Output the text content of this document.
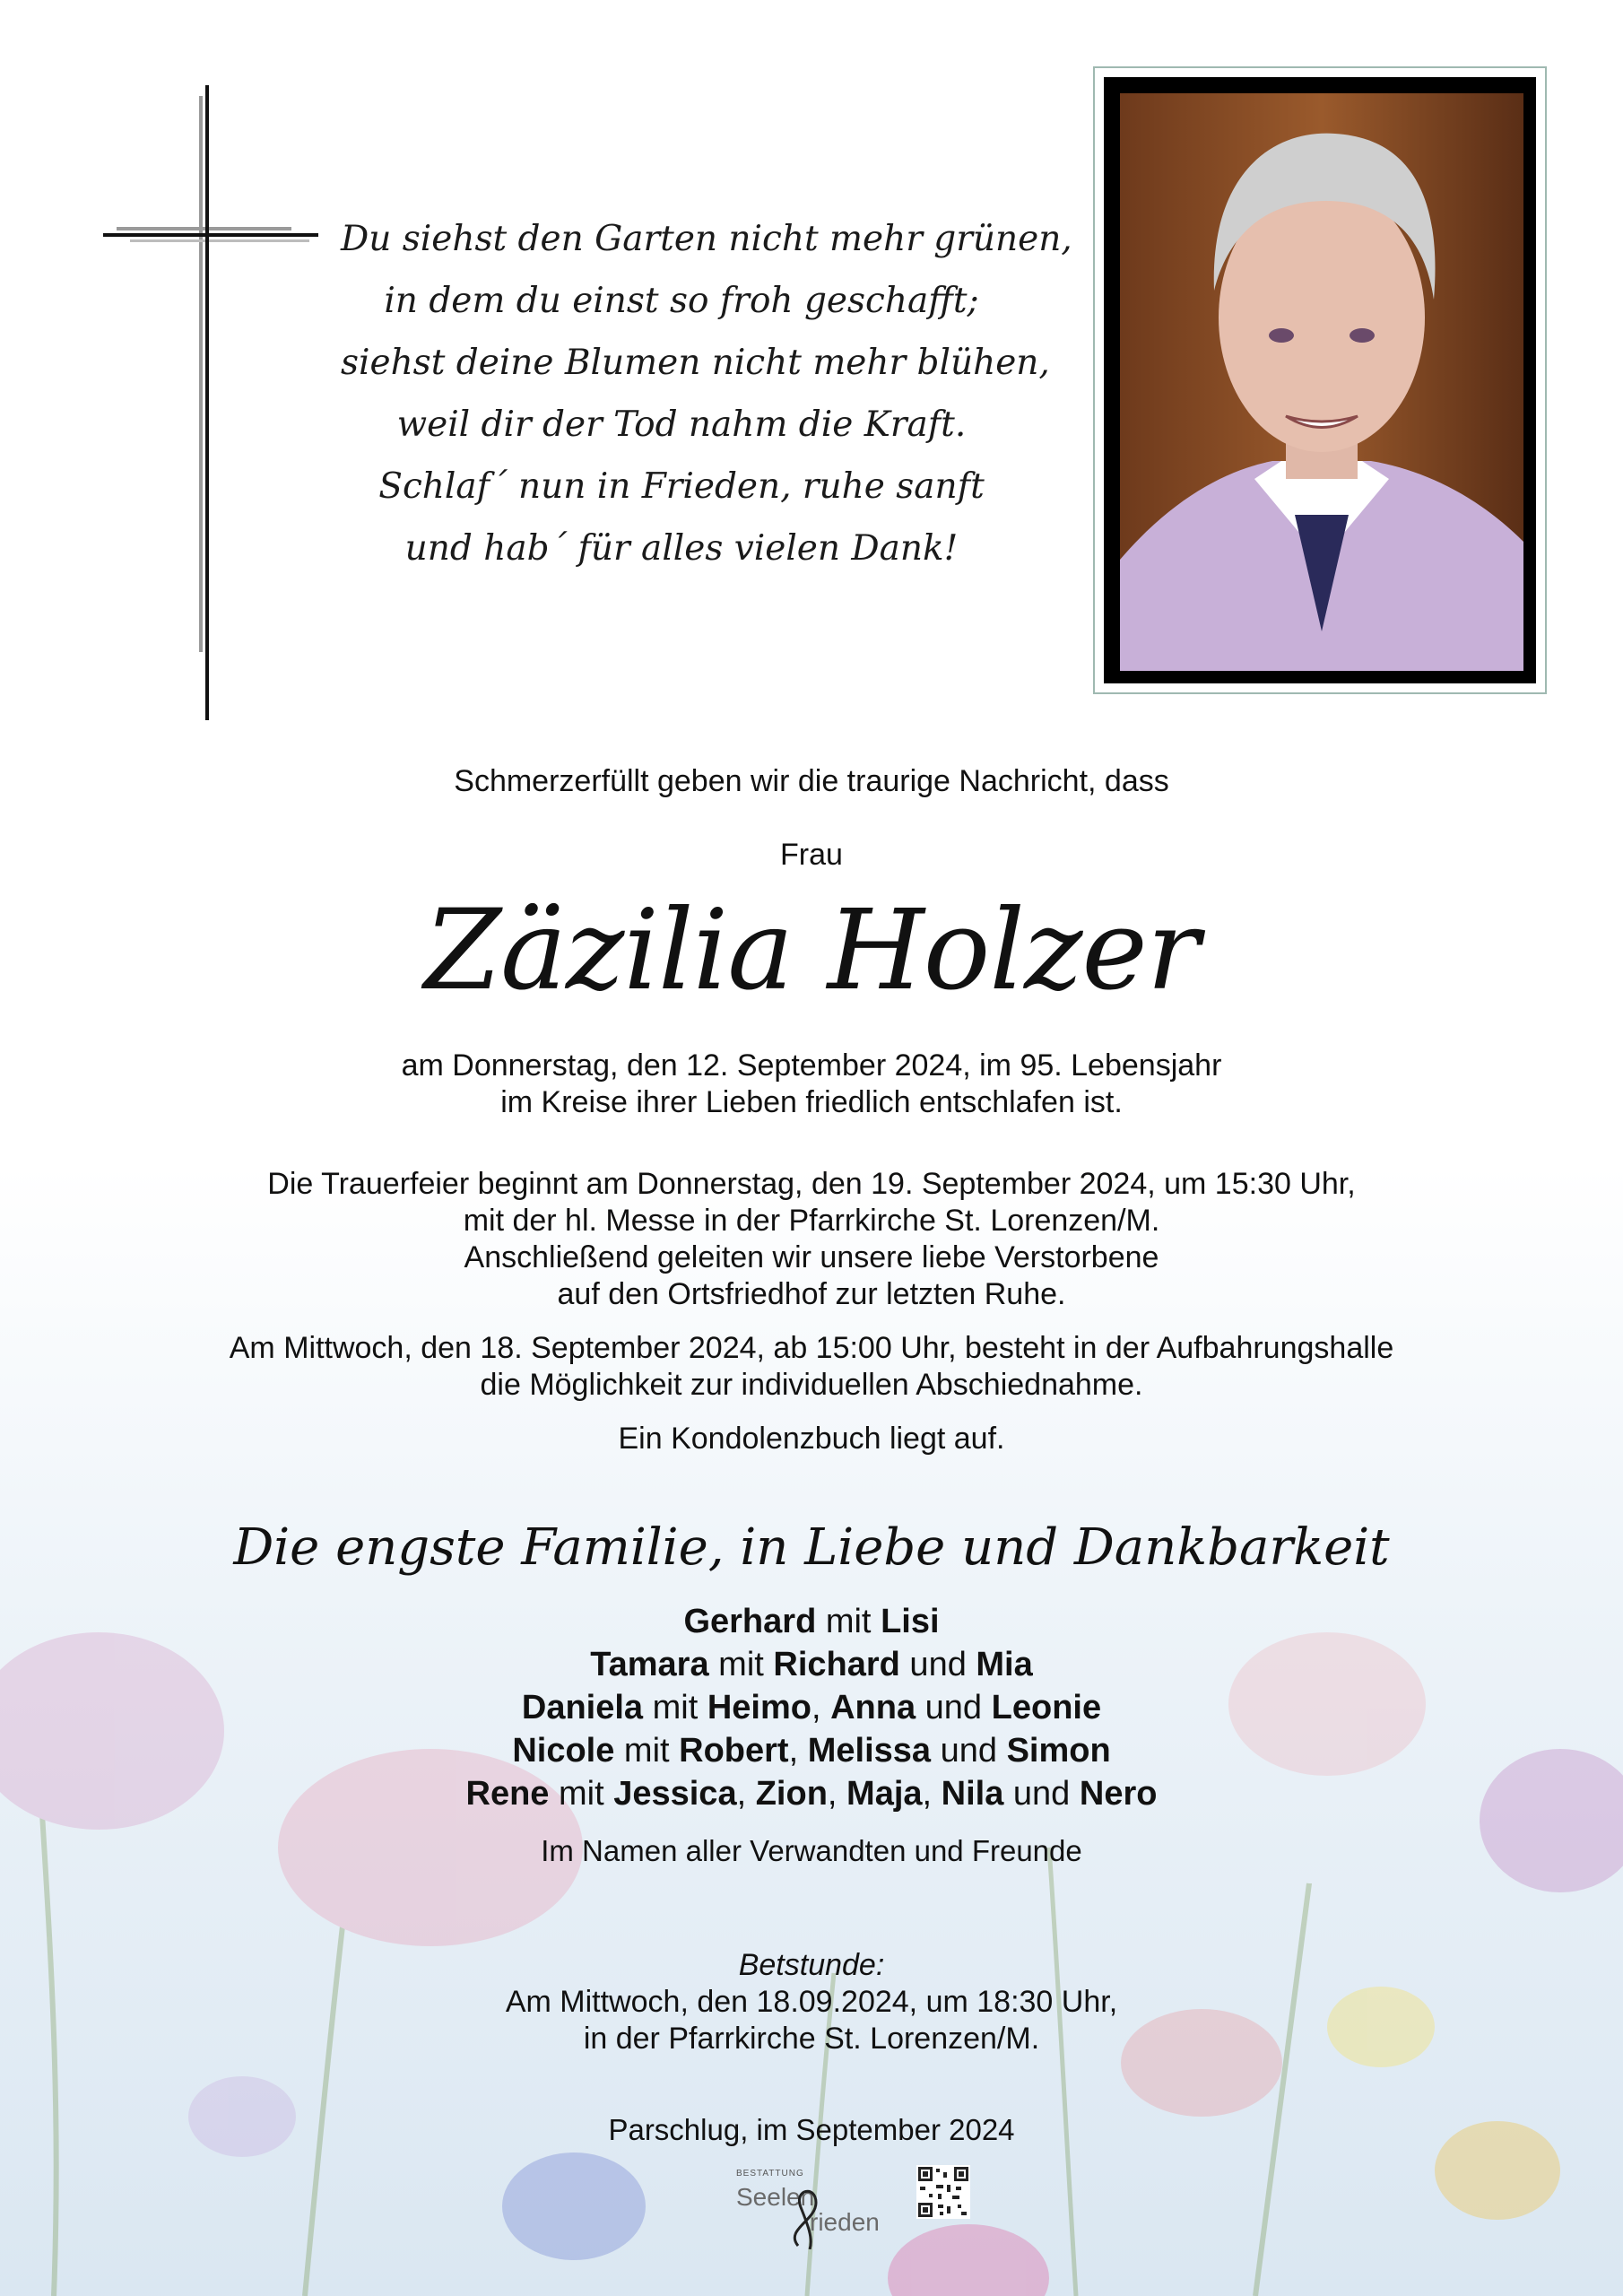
Du siehst den Garten nicht mehr grünen,
in dem du einst so froh geschafft;
siehst deine Blumen nicht mehr blühen,
weil dir der Tod nahm die Kraft.
Schlaf´ nun in Frieden, ruhe sanft
und hab´ für alles vielen Dank!
Schmerzerfüllt geben wir die traurige Nachricht, dass
Frau
Zäzilia Holzer
am Donnerstag, den 12. September 2024, im 95. Lebensjahr
im Kreise ihrer Lieben friedlich entschlafen ist.
Die Trauerfeier beginnt am Donnerstag, den 19. September 2024, um 15:30 Uhr,
mit der hl. Messe in der Pfarrkirche St. Lorenzen/M.
Anschließend geleiten wir unsere liebe Verstorbene
auf den Ortsfriedhof zur letzten Ruhe.
Am Mittwoch, den 18. September 2024, ab 15:00 Uhr, besteht in der Aufbahrungshalle
die Möglichkeit zur individuellen Abschiednahme.
Ein Kondolenzbuch liegt auf.
Die engste Familie, in Liebe und Dankbarkeit
Gerhard mit Lisi
Tamara mit Richard und Mia
Daniela mit Heimo, Anna und Leonie
Nicole mit Robert, Melissa und Simon
Rene mit Jessica, Zion, Maja, Nila und Nero
Im Namen aller Verwandten und Freunde
Betstunde:
Am Mittwoch, den 18.09.2024, um 18:30 Uhr,
in der Pfarrkirche St. Lorenzen/M.
Parschlug, im September 2024
BESTATTUNG
Seelen
rieden
